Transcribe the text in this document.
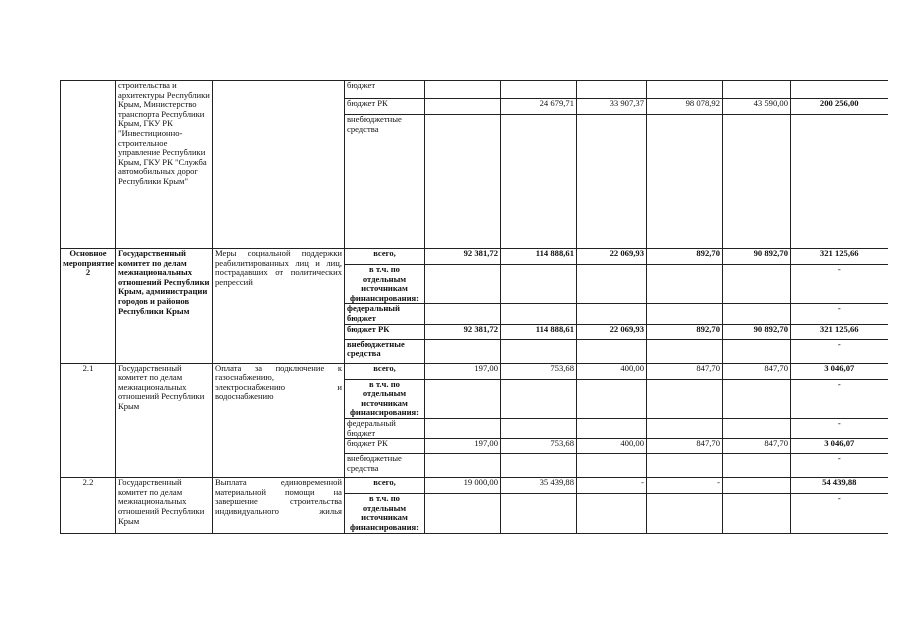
	строительства и архитектуры Республики Крым, Министерство транспорта Республики Крым, ГКУ РК "Инвестиционно-строительное управление Республики Крым, ГКУ РК "Служба автомобильных дорог Республики Крым"		бюджет						
			бюджет РК		24 679,71	33 907,37	98 078,92	43 590,00	200 256,00
			внебюджетные средства						
Основное мероприятие 2	Государственный комитет по делам межнациональных отношений Республики Крым, администрации городов и районов Республики Крым	Меры социальной поддержки реабилитированных лиц и лиц, пострадавших от политических репрессий	всего,	92 381,72	114 888,61	22 069,93	892,70	90 892,70	321 125,66
			в т.ч. по отдельным источникам финансирования:						-
			федеральный бюджет						-
			бюджет РК	92 381,72	114 888,61	22 069,93	892,70	90 892,70	321 125,66
			внебюджетные средства						-
2.1	Государственный комитет по делам межнациональных отношений Республики Крым	Оплата за подключение к газоснабжению, электроснабжению и водоснабжению	всего,	197,00	753,68	400,00	847,70	847,70	3 046,07
			в т.ч. по отдельным источникам финансирования:						-
			федеральный бюджет						-
			бюджет РК	197,00	753,68	400,00	847,70	847,70	3 046,07
			внебюджетные средства						-
2.2	Государственный комитет по делам межнациональных отношений Республики Крым	Выплата единовременной материальной помощи на завершение строительства индивидуального жилья	всего,	19 000,00	35 439,88	-	-		54 439,88
			в т.ч. по отдельным источникам финансирования:						-
